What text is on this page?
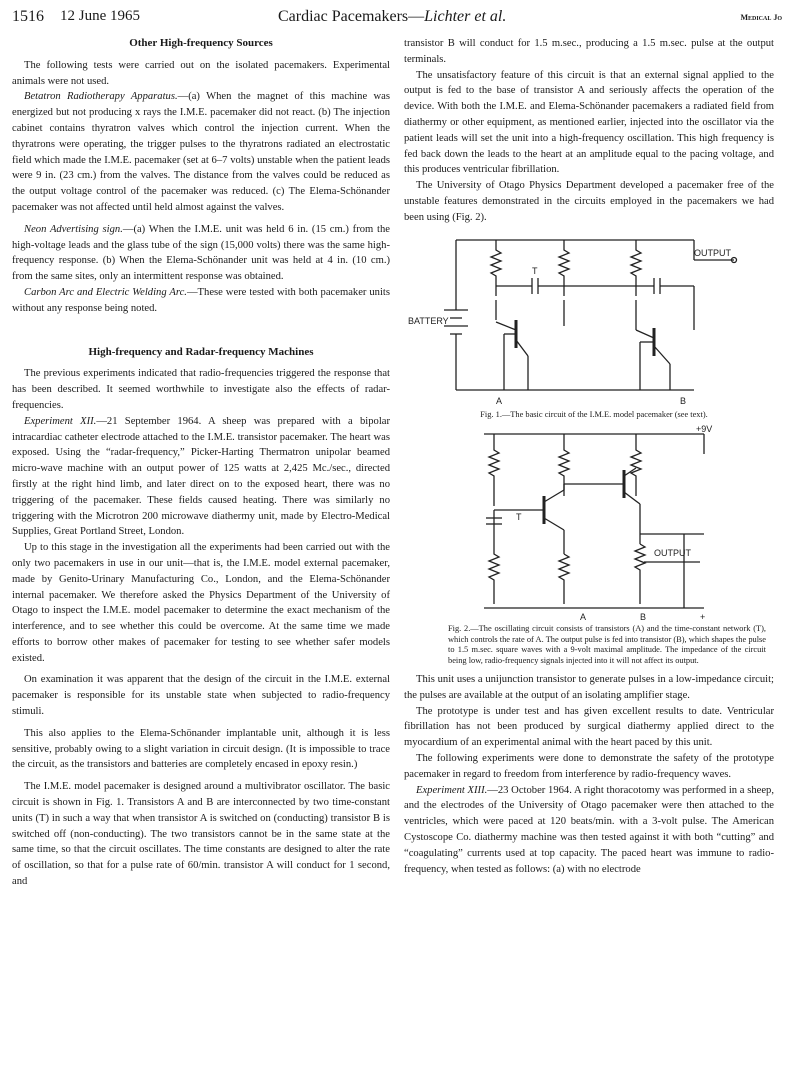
1516 12 June 1965	Cardiac Pacemakers—Lichter et al.	Medical Jo
Other High-frequency Sources

The following tests were carried out on the isolated pacemakers. Experimental animals were not used.

Betatron Radiotherapy Apparatus.—(a) When the magnet of this machine was energized but not producing x rays the I.M.E. pacemaker did not react. (b) The injection cabinet contains thyratron valves which control the injection current. When the thyratrons were operating, the trigger pulses to the thyratrons radiated an electrostatic field which made the I.M.E. pacemaker (set at 6–7 volts) unstable when the patient leads were 9 in. (23 cm.) from the valves. The distance from the valves could be reduced as the output voltage control of the pacemaker was reduced. (c) The Elema-Schönander pacemaker was not affected until held almost against the valves.

Neon Advertising sign.—(a) When the I.M.E. unit was held 6 in. (15 cm.) from the high-voltage leads and the glass tube of the sign (15,000 volts) there was the same high-frequency response. (b) When the Elema-Schönander unit was held at 4 in. (10 cm.) from the same sites, only an intermittent response was obtained.

Carbon Arc and Electric Welding Arc.—These were tested with both pacemaker units without any response being noted.

High-frequency and Radar-frequency Machines

The previous experiments indicated that radio-frequencies triggered the response that has been described. It seemed worthwhile to investigate also the effects of radar-frequencies.

Experiment XII.—21 September 1964. A sheep was prepared with a bipolar intracardiac catheter electrode attached to the I.M.E. transistor pacemaker. The heart was exposed. Using the “radar-frequency,” Picker-Harting Thermatron unipolar beamed micro-wave machine with an output power of 125 watts at 2,425 Mc./sec., directed firstly at the right hind limb, and later direct on to the exposed heart, there was no triggering of the pacemaker. These fields caused heating. There was similarly no triggering with the Microtron 200 microwave diathermy unit, made by Electro-Medical Supplies, Great Portland Street, London.

Up to this stage in the investigation all the experiments had been carried out with the only two pacemakers in use in our unit—that is, the I.M.E. model external pacemaker, made by Genito-Urinary Manufacturing Co., London, and the Elema-Schönander internal pacemaker. We therefore asked the Physics Department of the University of Otago to inspect the I.M.E. model pacemaker to determine the exact mechanism of the interference, and to see whether this could be overcome. At the same time we made efforts to borrow other makes of pacemaker for testing to see whether safer models existed.

On examination it was apparent that the design of the circuit in the I.M.E. external pacemaker is responsible for its unstable state when subjected to radio-frequency stimuli.

This also applies to the Elema-Schönander implantable unit, although it is less sensitive, probably owing to a slight variation in circuit design. (It is impossible to trace the circuit, as the transistors and batteries are completely encased in epoxy resin.)

The I.M.E. model pacemaker is designed around a multivibrator oscillator. The basic circuit is shown in Fig. 1. Transistors A and B are interconnected by two time-constant units (T) in such a way that when transistor A is switched on (conducting) transistor B is switched off (non-conducting). The two transistors cannot be in the same state at the same time, so that the circuit oscillates. The time constants are designed to alter the rate of oscillation, so that for a pulse rate of 60/min. transistor A will conduct for 1 second, and

transistor B will conduct for 1.5 m.sec., producing a 1.5 m.sec. pulse at the output terminals.

The unsatisfactory feature of this circuit is that an external signal applied to the output is fed to the base of transistor A and seriously affects the operation of the device. With both the I.M.E. and Elema-Schönander pacemakers a radiated field from diathermy or other equipment, as mentioned earlier, injected into the oscillator via the patient leads will set the unit into a high-frequency oscillation. This high frequency is fed back down the leads to the heart at an amplitude equal to the pacing voltage, and this produces ventricular fibrillation.

The University of Otago Physics Department developed a pacemaker free of the unstable features demonstrated in the circuits employed in the pacemakers we had been using (Fig. 2).

OUTPUT
BATTERY
T
A	B
Fig. 1.—The basic circuit of the I.M.E. model pacemaker (see text).
+9V
T
A	B	+
OUTPUT
Fig. 2.—The oscillating circuit consists of transistors (A) and the time-constant network (T), which controls the rate of A. The output pulse is fed into transistor (B), which shapes the pulse to 1.5 m.sec. square waves with a 9-volt maximal amplitude. The impedance of the circuit being low, radio-frequency signals injected into it will not affect its output.

This unit uses a unijunction transistor to generate pulses in a low-impedance circuit; the pulses are available at the output of an isolating amplifier stage.

The prototype is under test and has given excellent results to date. Ventricular fibrillation has not been produced by surgical diathermy applied direct to the myocardium of an experimental animal with the heart paced by this unit.

The following experiments were done to demonstrate the safety of the prototype pacemaker in regard to freedom from interference by radio-frequency waves.

Experiment XIII.—23 October 1964. A right thoracotomy was performed in a sheep, and the electrodes of the University of Otago pacemaker were then attached to the ventricles, which were paced at 120 beats/min. with a 3-volt pulse. The American Cystoscope Co. diathermy machine was then tested against it with both “cutting” and “coagulating” currents used at top capacity. The paced heart was immune to radio-frequency, when tested as follows: (a) with no electrode
